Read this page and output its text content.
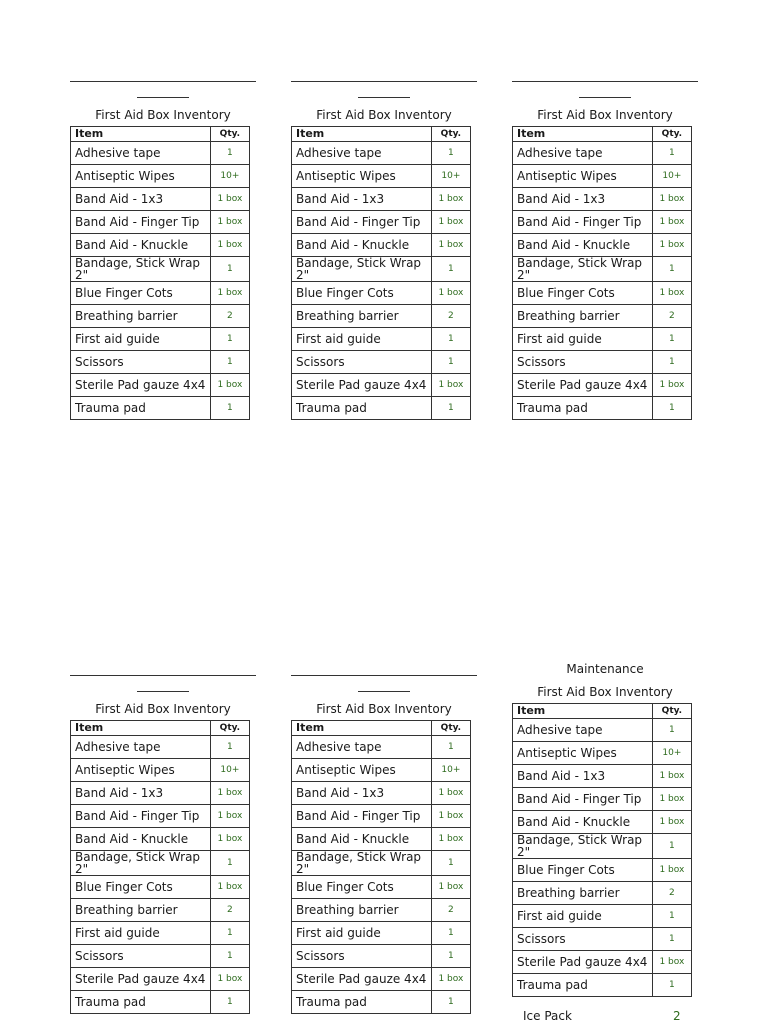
First Aid Box Inventory
Item	Qty.
Adhesive tape	1
Antiseptic Wipes	10+
Band Aid - 1x3	1 box
Band Aid - Finger Tip	1 box
Band Aid - Knuckle	1 box
Bandage, Stick Wrap 2"	1
Blue Finger Cots	1 box
Breathing barrier	2
First aid guide	1
Scissors	1
Sterile Pad gauze 4x4	1 box
Trauma pad	1
First Aid Box Inventory
Item	Qty.
Adhesive tape	1
Antiseptic Wipes	10+
Band Aid - 1x3	1 box
Band Aid - Finger Tip	1 box
Band Aid - Knuckle	1 box
Bandage, Stick Wrap 2"	1
Blue Finger Cots	1 box
Breathing barrier	2
First aid guide	1
Scissors	1
Sterile Pad gauze 4x4	1 box
Trauma pad	1
First Aid Box Inventory
Item	Qty.
Adhesive tape	1
Antiseptic Wipes	10+
Band Aid - 1x3	1 box
Band Aid - Finger Tip	1 box
Band Aid - Knuckle	1 box
Bandage, Stick Wrap 2"	1
Blue Finger Cots	1 box
Breathing barrier	2
First aid guide	1
Scissors	1
Sterile Pad gauze 4x4	1 box
Trauma pad	1
First Aid Box Inventory
Item	Qty.
Adhesive tape	1
Antiseptic Wipes	10+
Band Aid - 1x3	1 box
Band Aid - Finger Tip	1 box
Band Aid - Knuckle	1 box
Bandage, Stick Wrap 2"	1
Blue Finger Cots	1 box
Breathing barrier	2
First aid guide	1
Scissors	1
Sterile Pad gauze 4x4	1 box
Trauma pad	1
First Aid Box Inventory
Item	Qty.
Adhesive tape	1
Antiseptic Wipes	10+
Band Aid - 1x3	1 box
Band Aid - Finger Tip	1 box
Band Aid - Knuckle	1 box
Bandage, Stick Wrap 2"	1
Blue Finger Cots	1 box
Breathing barrier	2
First aid guide	1
Scissors	1
Sterile Pad gauze 4x4	1 box
Trauma pad	1
Maintenance
First Aid Box Inventory
Item	Qty.
Adhesive tape	1
Antiseptic Wipes	10+
Band Aid - 1x3	1 box
Band Aid - Finger Tip	1 box
Band Aid - Knuckle	1 box
Bandage, Stick Wrap 2"	1
Blue Finger Cots	1 box
Breathing barrier	2
First aid guide	1
Scissors	1
Sterile Pad gauze 4x4	1 box
Trauma pad	1
Ice Pack	2
